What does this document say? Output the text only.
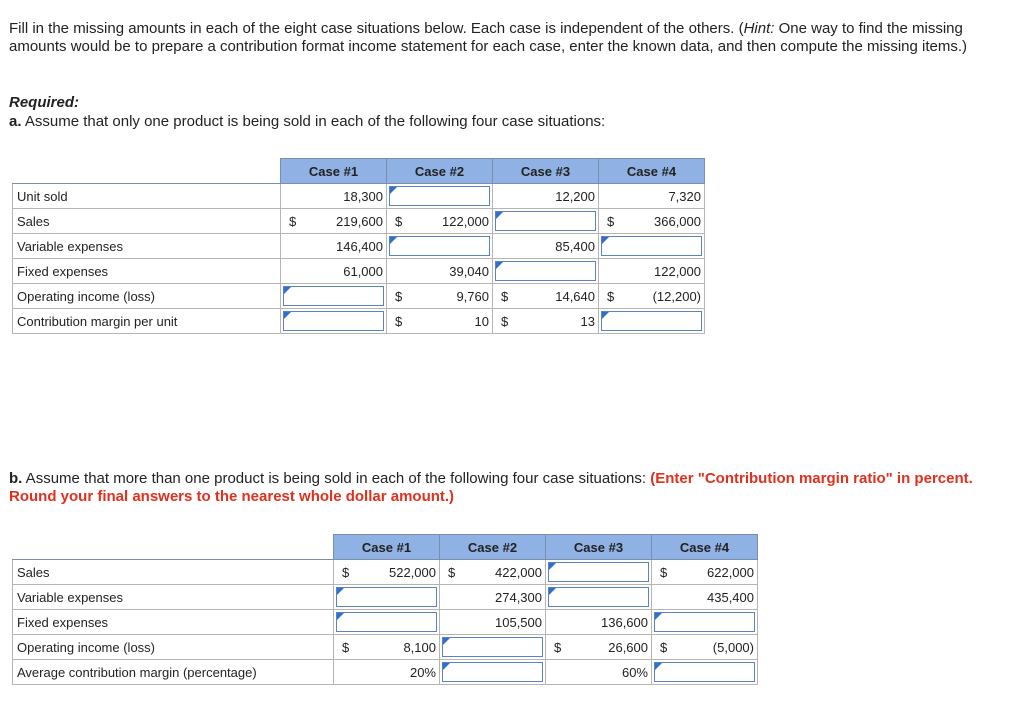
Fill in the missing amounts in each of the eight case situations below. Each case is independent of the others. (Hint: One way to find the missing amounts would be to prepare a contribution format income statement for each case, enter the known data, and then compute the missing items.)

Required:

a. Assume that only one product is being sold in each of the following four case situations:

	Case #1	Case #2	Case #3	Case #4
Unit sold	18,300		12,200	7,320

Sales	$ 219,600	$ 122,000		$ 366,000

Variable expenses	146,400		85,400	

Fixed expenses	61,000	39,040		122,000

Operating income (loss)		$ 9,760	$ 14,640	$ (12,200)

Contribution margin per unit		$ 10	$ 13	

b. Assume that more than one product is being sold in each of the following four case situations: (Enter "Contribution margin ratio" in percent. Round your final answers to the nearest whole dollar amount.)

	Case #1	Case #2	Case #3	Case #4
Sales	$ 522,000	$ 422,000		$ 622,000

Variable expenses		274,300		435,400

Fixed expenses		105,500	136,600	

Operating income (loss)	$ 8,100		$ 26,600	$ (5,000)

Average contribution margin (percentage)	20%		60%	
